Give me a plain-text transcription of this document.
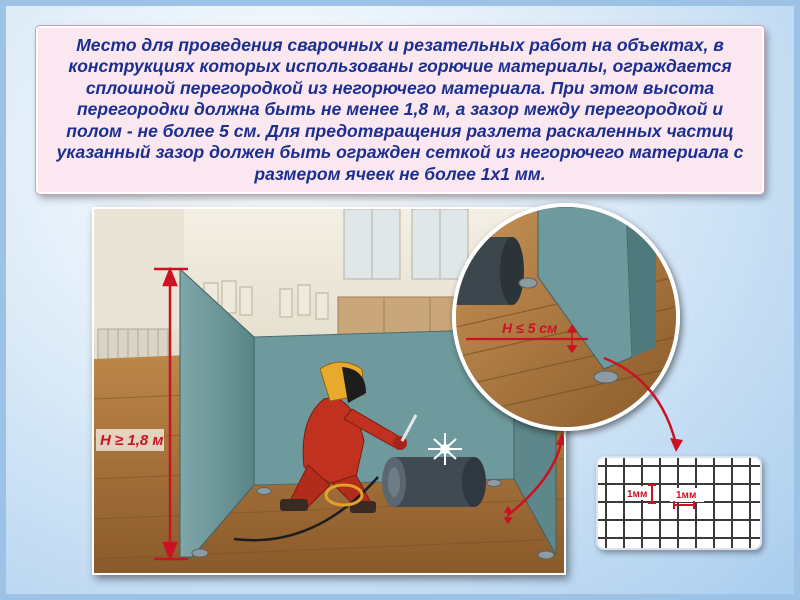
Место для проведения сварочных и резательных работ на объектах, в конструкциях которых использованы горючие материалы, ограждается сплошной перегородкой из негорючего материала. При этом высота перегородки должна быть не менее 1,8 м, а зазор между перегородкой и полом - не более 5 см. Для предотвращения разлета раскаленных частиц указанный зазор должен быть огражден сеткой из негорючего материала с размером ячеек не более 1х1 мм.

H ≥ 1,8 м
H ≤ 5 см
1мм	1мм
